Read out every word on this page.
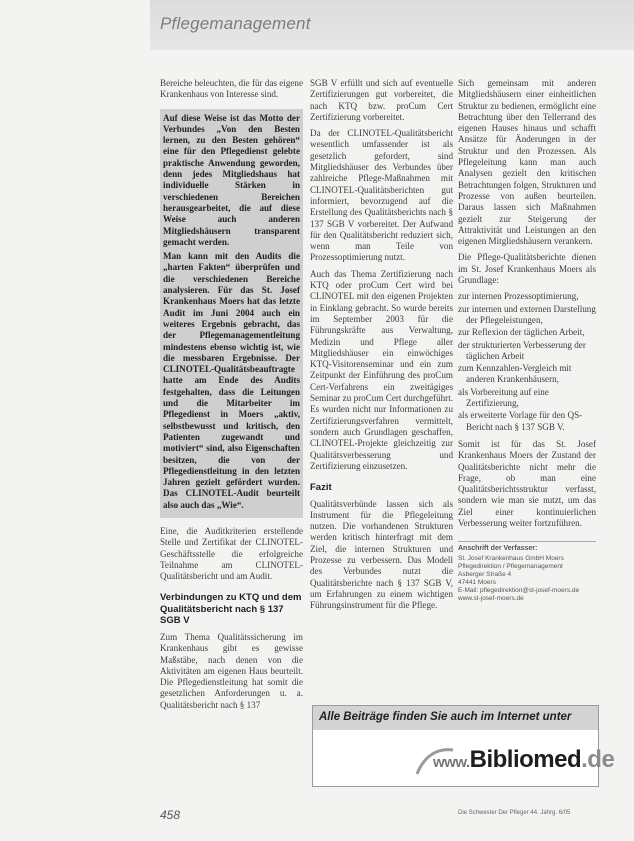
Pflegemanagement

Bereiche beleuchten, die für das eigene Krankenhaus von Interesse sind.

Auf diese Weise ist das Motto der Verbundes „Von den Besten lernen, zu den Besten gehören“ eine für den Pflegedienst gelebte praktische Anwendung geworden, denn jedes Mitgliedshaus hat individuelle Stärken in verschiedenen Bereichen herausgearbeitet, die auf diese Weise auch anderen Mitgliedshäusern transparent gemacht werden.

Man kann mit den Audits die „harten Fakten“ überprüfen und die verschiedenen Bereiche analysieren. Für das St. Josef Krankenhaus Moers hat das letzte Audit im Juni 2004 auch ein weiteres Ergebnis gebracht, das der Pflegemanagementleitung mindestens ebenso wichtig ist, wie die messbaren Ergebnisse. Der CLINOTEL-Qualitätsbeauftragte hatte am Ende des Audits festgehalten, dass die Leitungen und die Mitarbeiter im Pflegedienst in Moers „aktiv, selbstbewusst und kritisch, den Patienten zugewandt und motiviert“ sind, also Eigenschaften besitzen, die von der Pflegedienstleitung in den letzten Jahren gezielt gefördert wurden. Das CLINOTEL-Audit beurteilt also auch das „Wie“.

Eine, die Auditkriterien erstellende Stelle und Zertifikat der CLINOTEL-Geschäftsstelle die erfolgreiche Teilnahme am CLINOTEL-Qualitätsbericht und am Audit.

Verbindungen zu KTQ und dem Qualitätsbericht nach § 137 SGB V

Zum Thema Qualitätssicherung im Krankenhaus gibt es gewisse Maßstäbe, nach denen von die Aktivitäten am eigenen Haus beurteilt. Die Pflegedienstleitung hat somit die gesetzlichen Anforderungen u. a. Qualitätsbericht nach § 137

SGB V erfüllt und sich auf eventuelle Zertifizierungen gut vorbereitet, die nach KTQ bzw. proCum Cert Zertifizierung vorbereitet.

Da der CLINOTEL-Qualitätsbericht wesentlich umfassender ist als gesetzlich gefordert, sind Mitgliedshäuser des Verbundes über zahlreiche Pflege-Maßnahmen mit CLINOTEL-Qualitätsberichten gut informiert, bevorzugend auf die Erstellung des Qualitätsberichts nach § 137 SGB V vorbereitet. Der Aufwand für den Qualitätsbericht reduziert sich, wenn man Teile von Prozessoptimierung nutzt.

Auch das Thema Zertifizierung nach KTQ oder proCum Cert wird bei CLINOTEL mit den eigenen Projekten in Einklang gebracht. So wurde bereits im September 2003 für die Führungskräfte aus Verwaltung, Medizin und Pflege aller Mitgliedshäuser ein einwöchiges KTQ-Visitorenseminar und ein zum Zeitpunkt der Einführung des proCum Cert-Verfahrens ein zweitägiges Seminar zu proCum Cert durchgeführt. Es wurden nicht nur Informationen zu Zertifizierungsverfahren vermittelt, sondern auch Grundlagen geschaffen, CLINOTEL-Projekte gleichzeitig zur Qualitätsverbesserung und Zertifizierung einzusetzen.

Fazit

Qualitätsverbünde lassen sich als Instrument für die Pflegeleitung nutzen. Die vorhandenen Strukturen werden kritisch hinterfragt mit dem Ziel, die internen Strukturen und Prozesse zu verbessern. Das Modell des Verbundes nutzt die Qualitätsberichte nach § 137 SGB V, um Erfahrungen zu einem wichtigen Führungsinstrument für die Pflege.

Sich gemeinsam mit anderen Mitgliedshäusern einer einheitlichen Struktur zu bedienen, ermöglicht eine Betrachtung über den Tellerrand des eigenen Hauses hinaus und schafft Ansätze für Änderungen in der Struktur und den Prozessen. Als Pflegeleitung kann man auch Analysen gezielt den kritischen Betrachtungen folgen, Strukturen und Prozesse von außen beurteilen. Daraus lassen sich Maßnahmen gezielt zur Steigerung der Attraktivität und Leistungen an den eigenen Mitgliedshäusern verankern.

Die Pflege-Qualitätsberichte dienen im St. Josef Krankenhaus Moers als Grundlage:

zur internen Prozessoptimierung,
zur internen und externen Darstellung der Pflegeleistungen,
zur Reflexion der täglichen Arbeit,
der strukturierten Verbesserung der täglichen Arbeit
zum Kennzahlen-Vergleich mit anderen Krankenhäusern,
als Vorbereitung auf eine Zertifizierung,
als erweiterte Vorlage für den QS-Bericht nach § 137 SGB V.

Somit ist für das St. Josef Krankenhaus Moers der Zustand der Qualitätsberichte nicht mehr die Frage, ob man eine Qualitätsberichtsstruktur verfasst, sondern wie man sie nutzt, um das Ziel einer kontinuierlichen Verbesserung weiter fortzuführen.

Anschrift der Verfasser:
St. Josef Krankenhaus GmbH Moers
Pflegedirektion / Pflegemanagement
Asberger Straße 4
47441 Moers
E-Mail: pflegedirektion@st-josef-moers.de
www.st-josef-moers.de
Alle Beiträge finden Sie auch im Internet unter
www.Bibliomed.de
458	Die Schwester Der Pfleger 44. Jahrg. 6/05
